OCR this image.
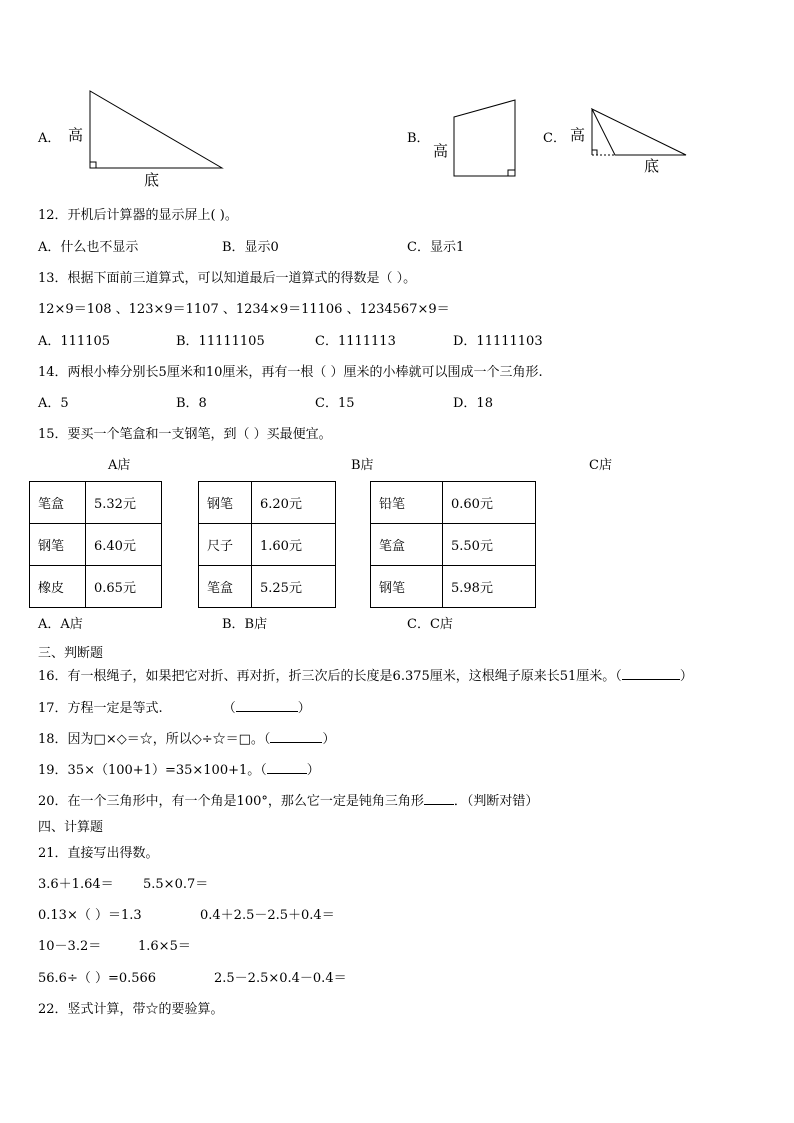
A． 高
底
B．
高
C． 高
底
12．开机后计算器的显示屏上( )。
A．什么也不显示	B．显示0	C．显示1
13．根据下面前三道算式，可以知道最后一道算式的得数是（ ）。
12×9＝108 、123×9＝1107 、1234×9＝11106 、1234567×9＝
A．111105	B．11111105	C．1111113	D．11111103
14．两根小棒分别长5厘米和10厘米，再有一根（ ）厘米的小棒就可以围成一个三角形.
A．5	B．8	C．15	D．18
15．要买一个笔盒和一支钢笔，到（ ）买最便宜。
A店	B店	C店
笔盒	5.32元
钢笔	6.40元
橡皮	0.65元
钢笔	6.20元
尺子	1.60元
笔盒	5.25元
铅笔	0.60元
笔盒	5.50元
钢笔	5.98元
A．A店	B．B店	C．C店
三、判断题
16．有一根绳子，如果把它对折、再对折，折三次后的长度是6.375厘米，这根绳子原来长51厘米。（	）
17．方程一定是等式.	（	）
18．因为□×◇＝☆，所以◇÷☆＝□。（	）
19．35×（100+1）=35×100+1。（	）
20．在一个三角形中，有一个角是100°，那么它一定是钝角三角形 ．（判断对错）
四、计算题
21．直接写出得数。
3.6＋1.64＝ 5.5×0.7＝
0.13×（ ）＝1.3	0.4＋2.5－2.5＋0.4＝
10－3.2＝	1.6×5＝
56.6÷（ ）=0.566	2.5－2.5×0.4－0.4＝
22．竖式计算，带☆的要验算。
